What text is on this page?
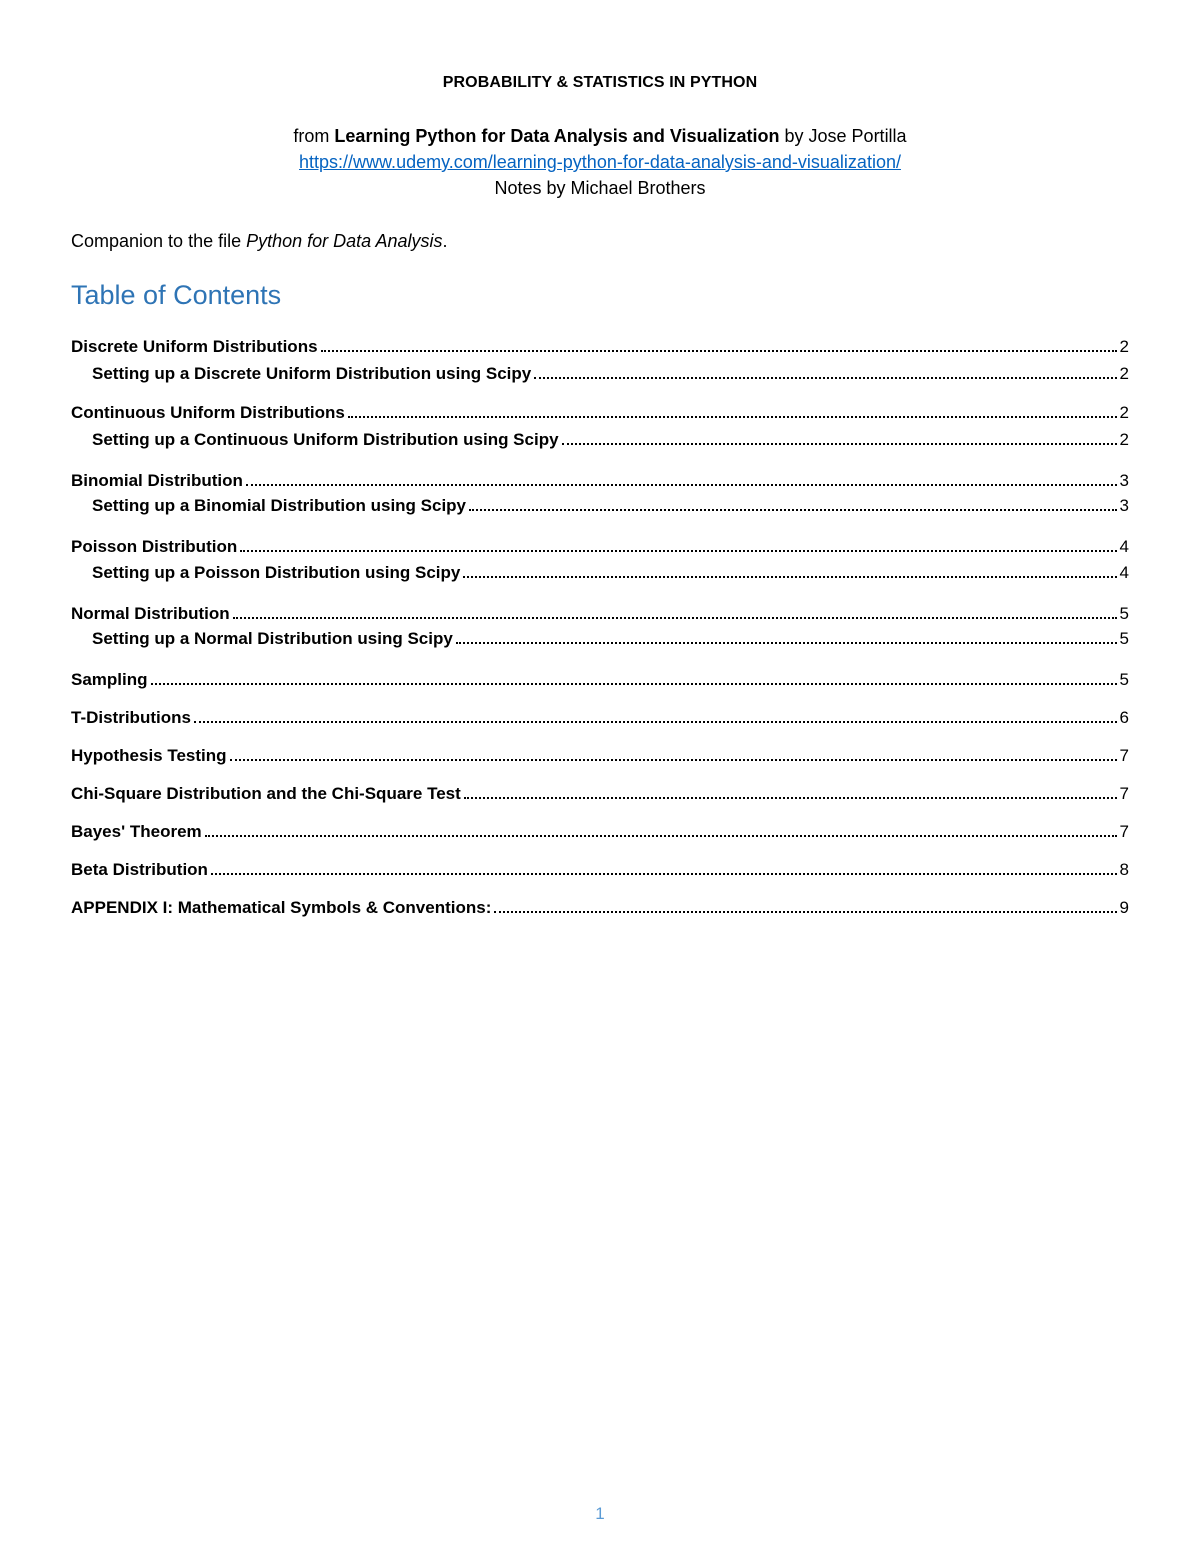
PROBABILITY & STATISTICS IN PYTHON
from Learning Python for Data Analysis and Visualization by Jose Portilla
https://www.udemy.com/learning-python-for-data-analysis-and-visualization/
Notes by Michael Brothers
Companion to the file Python for Data Analysis.
Table of Contents
Discrete Uniform Distributions	2
Setting up a Discrete Uniform Distribution using Scipy	2
Continuous Uniform Distributions	2
Setting up a Continuous Uniform Distribution using Scipy	2
Binomial Distribution	3
Setting up a Binomial Distribution using Scipy	3
Poisson Distribution	4
Setting up a Poisson Distribution using Scipy	4
Normal Distribution	5
Setting up a Normal Distribution using Scipy	5
Sampling	5
T-Distributions	6
Hypothesis Testing	7
Chi-Square Distribution and the Chi-Square Test	7
Bayes' Theorem	7
Beta Distribution	8
APPENDIX I: Mathematical Symbols & Conventions:	9
1
